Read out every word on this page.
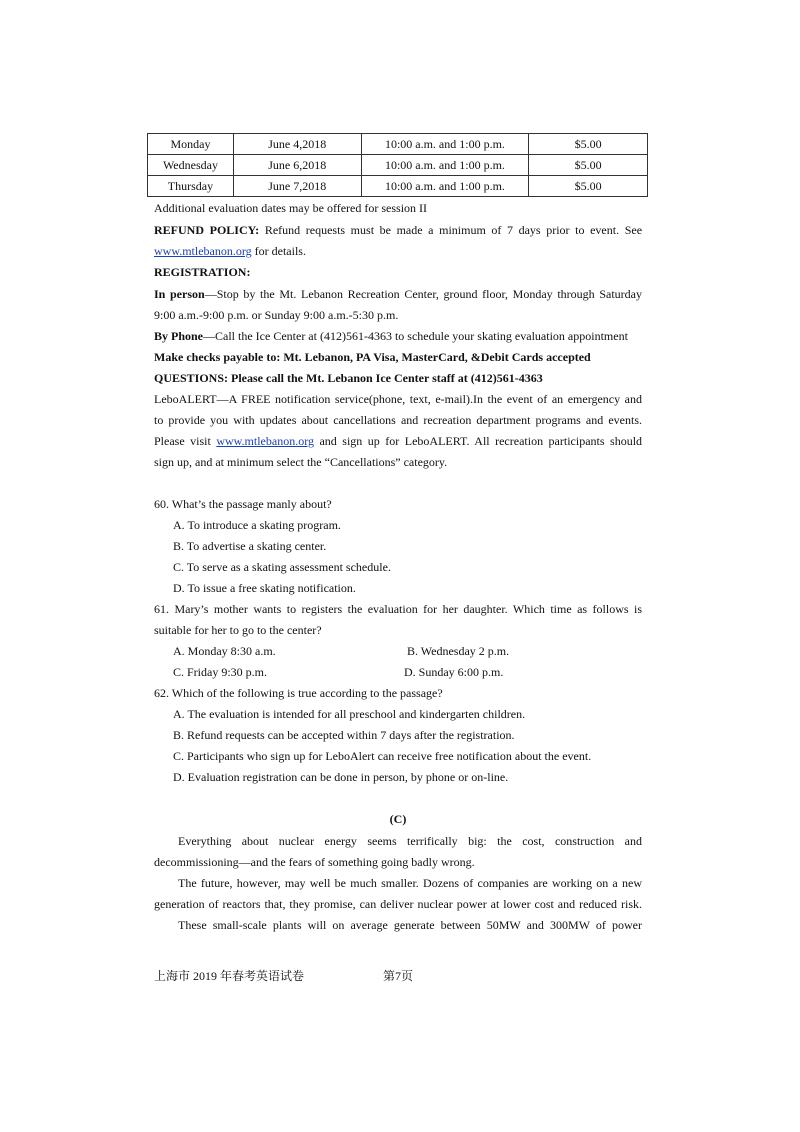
Monday	June 4,2018	10:00 a.m. and 1:00 p.m.	$5.00
Wednesday	June 6,2018	10:00 a.m. and 1:00 p.m.	$5.00
Thursday	June 7,2018	10:00 a.m. and 1:00 p.m.	$5.00
Additional evaluation dates may be offered for session II
REFUND POLICY: Refund requests must be made a minimum of 7 days prior to event. See
www.mtlebanon.org for details.
REGISTRATION:
In person—Stop by the Mt. Lebanon Recreation Center, ground floor, Monday through Saturday
9:00 a.m.-9:00 p.m. or Sunday 9:00 a.m.-5:30 p.m.
By Phone—Call the Ice Center at (412)561-4363 to schedule your skating evaluation appointment
Make checks payable to: Mt. Lebanon, PA Visa, MasterCard, &Debit Cards accepted
QUESTIONS: Please call the Mt. Lebanon Ice Center staff at (412)561-4363
LeboALERT—A FREE notification service(phone, text, e-mail).In the event of an emergency and
to provide you with updates about cancellations and recreation department programs and events.
Please visit www.mtlebanon.org and sign up for LeboALERT. All recreation participants should
sign up, and at minimum select the “Cancellations” category.
60. What’s the passage manly about?
A. To introduce a skating program.
B. To advertise a skating center.
C. To serve as a skating assessment schedule.
D. To issue a free skating notification.
61. Mary’s mother wants to registers the evaluation for her daughter. Which time as follows is
suitable for her to go to the center?
A. Monday 8:30 a.m.	B. Wednesday 2 p.m.
C. Friday 9:30 p.m.	D. Sunday 6:00 p.m.
62. Which of the following is true according to the passage?
A. The evaluation is intended for all preschool and kindergarten children.
B. Refund requests can be accepted within 7 days after the registration.
C. Participants who sign up for LeboAlert can receive free notification about the event.
D. Evaluation registration can be done in person, by phone or on-line.
(C)
Everything about nuclear energy seems terrifically big: the cost, construction and
decommissioning—and the fears of something going badly wrong.
The future, however, may well be much smaller. Dozens of companies are working on a new
generation of reactors that, they promise, can deliver nuclear power at lower cost and reduced risk.
These small-scale plants will on average generate between 50MW and 300MW of power
上海市 2019 年春考英语试卷	第7页
